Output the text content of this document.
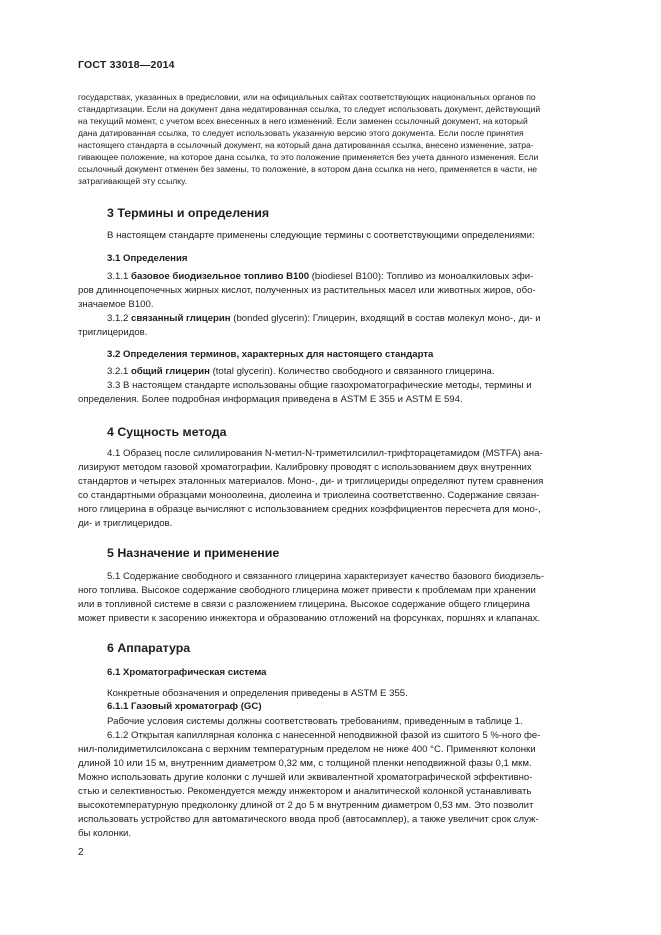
ГОСТ 33018—2014
государствах, указанных в предисловии, или на официальных сайтах соответствующих национальных органов по
стандартизации. Если на документ дана недатированная ссылка, то следует использовать документ, действующий
на текущий момент, с учетом всех внесенных в него изменений. Если заменен ссылочный документ, на который
дана датированная ссылка, то следует использовать указанную версию этого документа. Если после принятия
настоящего стандарта в ссылочный документ, на который дана датированная ссылка, внесено изменение, затра-
гивающее положение, на которое дана ссылка, то это положение применяется без учета данного изменения. Если
ссылочный документ отменен без замены, то положение, в котором дана ссылка на него, применяется в части, не
затрагивающей эту ссылку.
3 Термины и определения
В настоящем стандарте применены следующие термины с соответствующими определениями:
3.1 Определения
3.1.1 базовое биодизельное топливо В100 (biodiesel B100): Топливо из моноалкиловых эфи-
ров длинноцепочечных жирных кислот, полученных из растительных масел или животных жиров, обо-
значаемое В100.
3.1.2 связанный глицерин (bonded glycerin): Глицерин, входящий в состав молекул моно-, ди- и
триглицеридов.
3.2 Определения терминов, характерных для настоящего стандарта
3.2.1 общий глицерин (total glycerin). Количество свободного и связанного глицерина.
3.3 В настоящем стандарте использованы общие газохроматографические методы, термины и
определения. Более подробная информация приведена в ASTM E 355 и ASTM E 594.
4 Сущность метода
4.1 Образец после силилирования N-метил-N-триметилсилил-трифторацетамидом (MSTFA) ана-
лизируют методом газовой хроматографии. Калибровку проводят с использованием двух внутренних
стандартов и четырех эталонных материалов. Моно-, ди- и триглицериды определяют путем сравнения
со стандартными образцами моноолеина, диолеина и триолеина соответственно. Содержание связан-
ного глицерина в образце вычисляют с использованием средних коэффициентов пересчета для моно-,
ди- и триглицеридов.
5 Назначение и применение
5.1 Содержание свободного и связанного глицерина характеризует качество базового биодизель-
ного топлива. Высокое содержание свободного глицерина может привести к проблемам при хранении
или в топливной системе в связи с разложением глицерина. Высокое содержание общего глицерина
может привести к засорению инжектора и образованию отложений на форсунках, поршнях и клапанах.
6 Аппаратура
6.1 Хроматографическая система
Конкретные обозначения и определения приведены в ASTM E 355.
6.1.1 Газовый хроматограф (GC)
Рабочие условия системы должны соответствовать требованиям, приведенным в таблице 1.
6.1.2 Открытая капиллярная колонка с нанесенной неподвижной фазой из сшитого 5 %-ного фе-
нил-полидиметилсилоксана с верхним температурным пределом не ниже 400 °С. Применяют колонки
длиной 10 или 15 м, внутренним диаметром 0,32 мм, с толщиной пленки неподвижной фазы 0,1 мкм.
Можно использовать другие колонки с лучшей или эквивалентной хроматографической эффективно-
стью и селективностью. Рекомендуется между инжектором и аналитической колонкой устанавливать
высокотемпературную предколонку длиной от 2 до 5 м внутренним диаметром 0,53 мм. Это позволит
использовать устройство для автоматического ввода проб (автосамплер), а также увеличит срок служ-
бы колонки.
2
